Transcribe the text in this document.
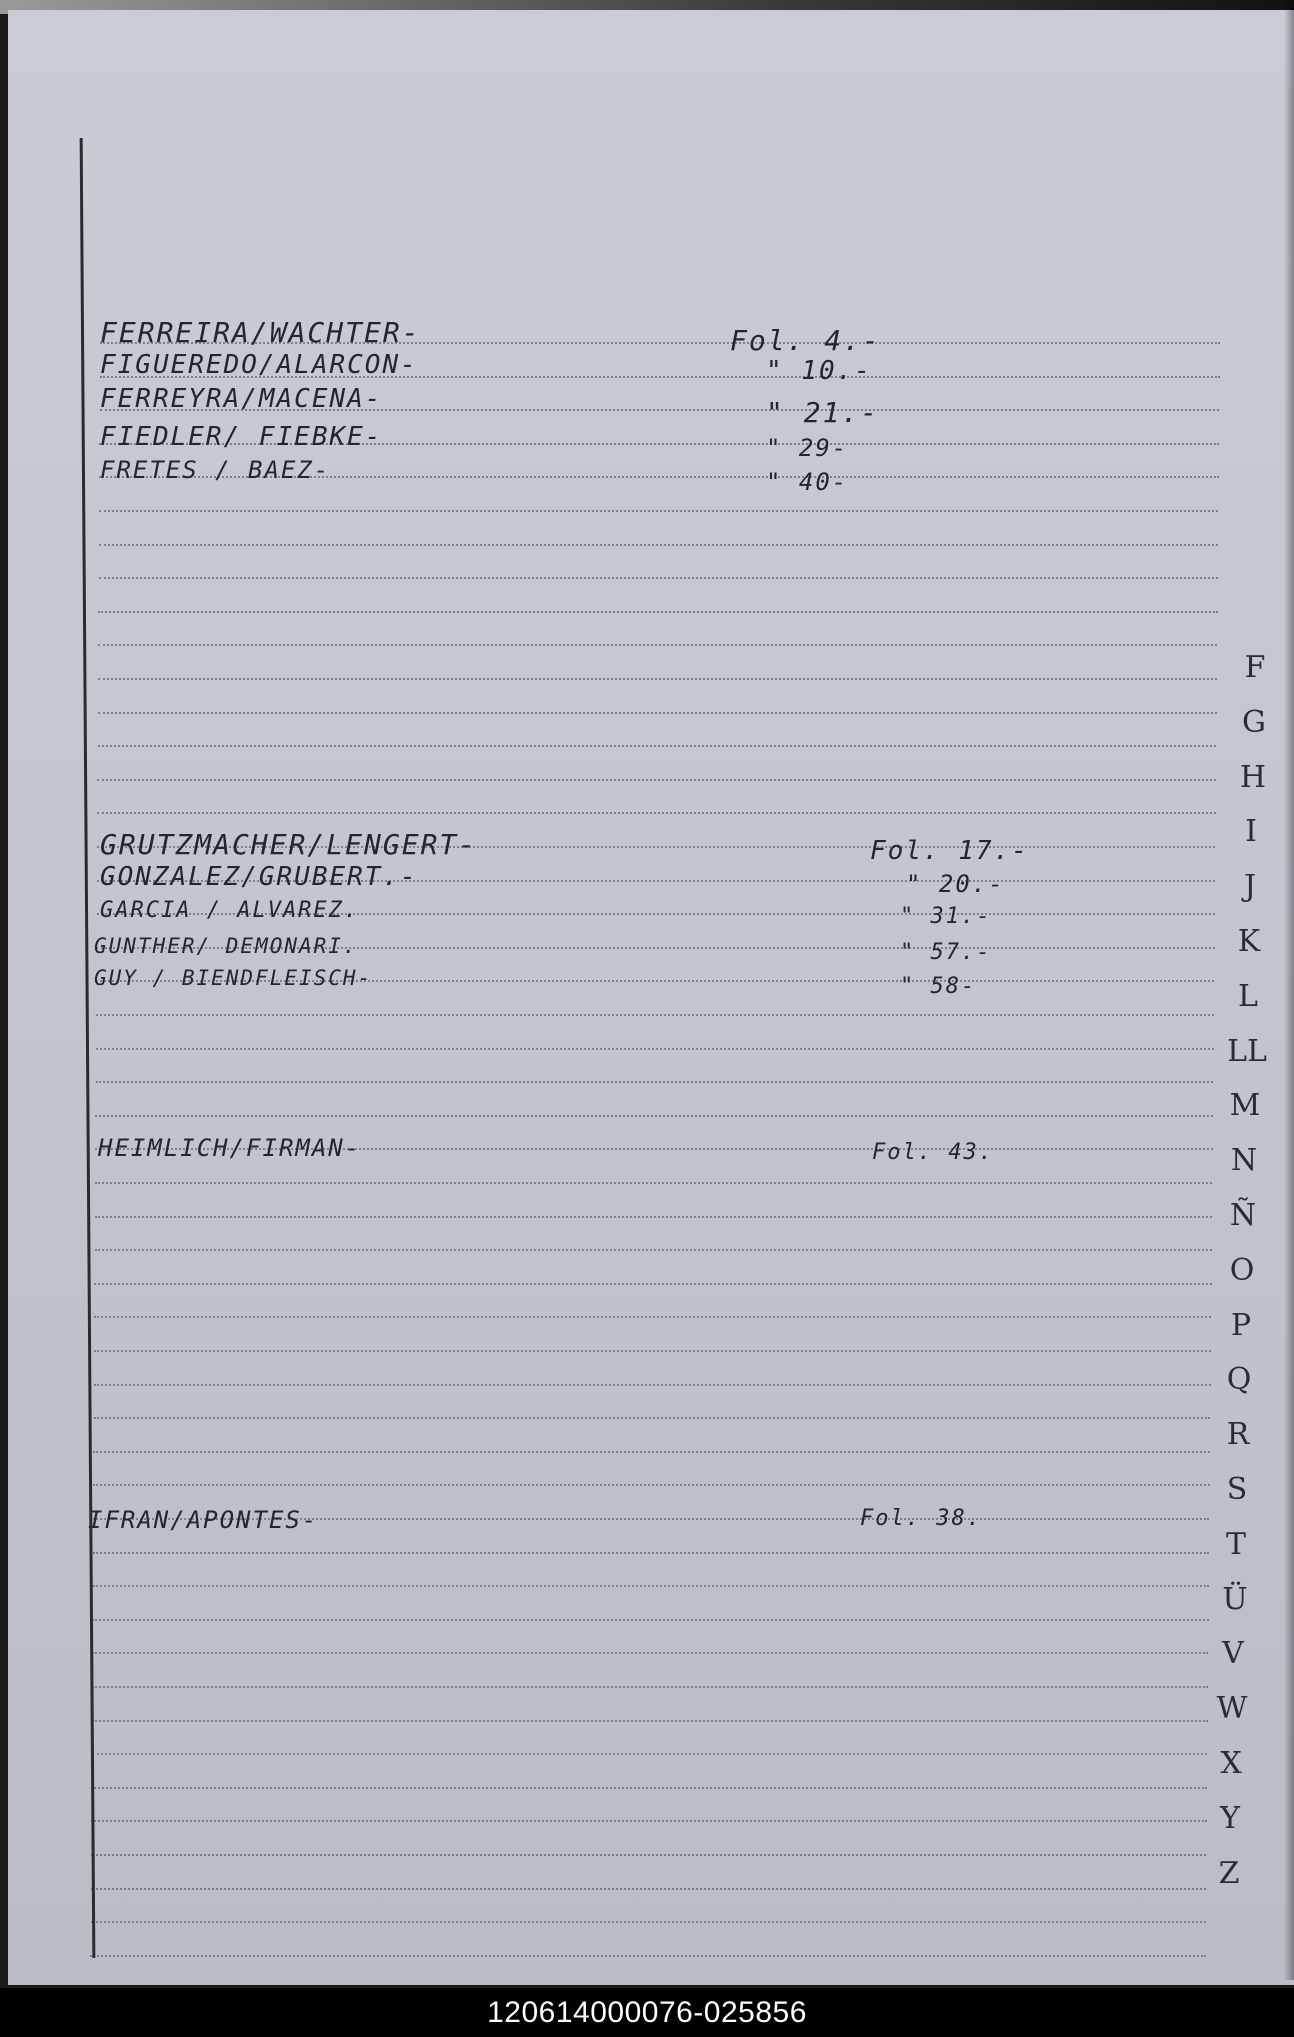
FERREIRA/WACHTER-	Fol. 4.-
FIGUEREDO/ALARCON-	" 10.-
FERREYRA/MACENA-	" 21.-
FIEDLER/ FIEBKE-	" 29-
FRETES / BAEZ-	" 40-
GRUTZMACHER/LENGERT-	Fol. 17.-
GONZALEZ/GRUBERT.-	" 20.-
GARCIA / ALVAREZ.	" 31.-
GUNTHER/ DEMONARI.	" 57.-
GUY / BIENDFLEISCH-	" 58-
HEIMLICH/FIRMAN-	Fol. 43.
IFRAN/APONTES-	Fol. 38.
F
G
H
I
J
K
L
LL
M
N
Ñ
O
P
Q
R
S
T
Ü
V
W
X
Y
Z
120614000076-025856
